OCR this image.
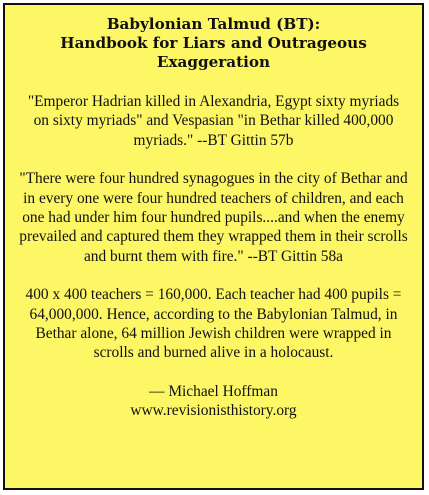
Babylonian Talmud (BT):
Handbook for Liars and Outrageous
Exaggeration

"Emperor Hadrian killed in Alexandria, Egypt sixty myriads on sixty myriads" and Vespasian "in Bethar killed 400,000 myriads." --BT Gittin 57b

"There were four hundred synagogues in the city of Bethar and in every one were four hundred teachers of children, and each one had under him four hundred pupils....and when the enemy prevailed and captured them they wrapped them in their scrolls and burnt them with fire." --BT Gittin 58a

400 x 400 teachers = 160,000. Each teacher had 400 pupils = 64,000,000. Hence, according to the Babylonian Talmud, in Bethar alone, 64 million Jewish children were wrapped in scrolls and burned alive in a holocaust.

— Michael Hoffman
www.revisionisthistory.org
